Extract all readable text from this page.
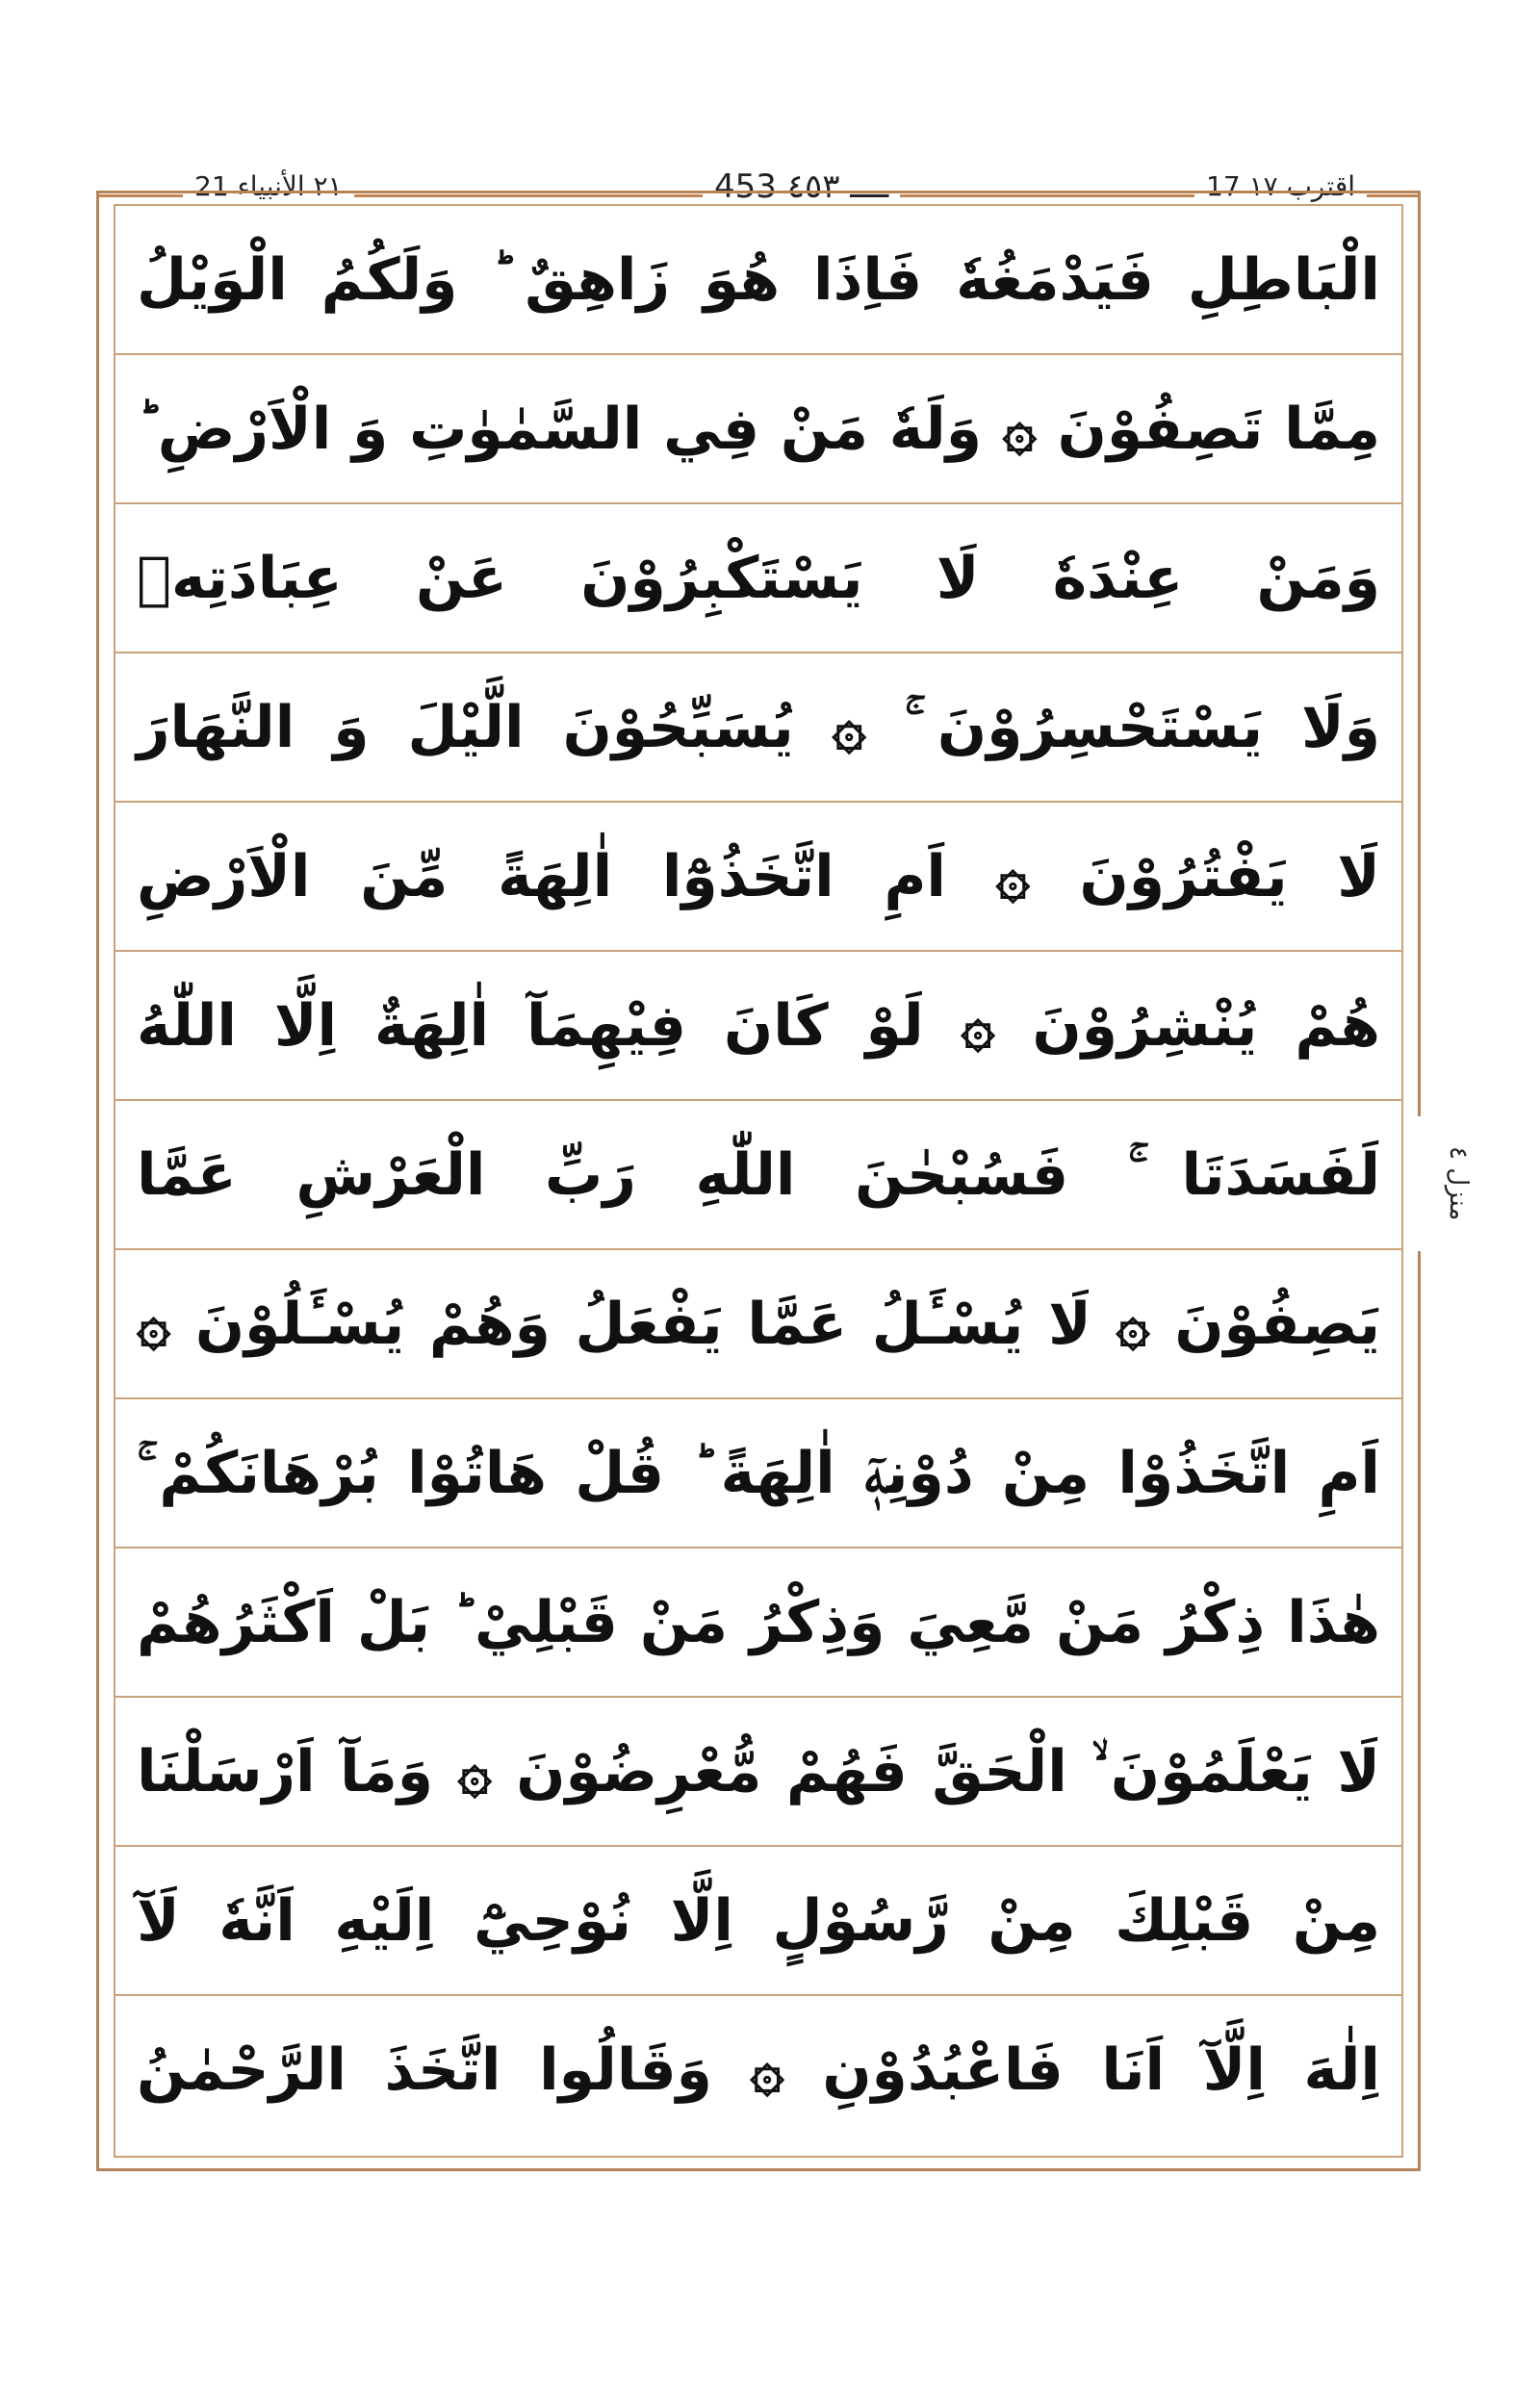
٢١ الأنبياء 21	453 ــــ ٤٥٣	اقترب ١٧ 17
منزل ٤
الْبَاطِلِ فَيَدْمَغُهٗ فَاِذَا هُوَ زَاهِقٌ ؕ وَلَكُمُ الْوَيْلُ
مِمَّا تَصِفُوْنَ ۞ وَلَهٗ مَنْ فِي السَّمٰوٰتِ وَ الْاَرْضِ ؕ
وَمَنْ عِنْدَهٗ لَا يَسْتَكْبِرُوْنَ عَنْ عِبَادَتِهٖ
وَلَا يَسْتَحْسِرُوْنَ ۚ ۞ يُسَبِّحُوْنَ الَّيْلَ وَ النَّهَارَ
لَا يَفْتُرُوْنَ ۞ اَمِ اتَّخَذُوْٓا اٰلِهَةً مِّنَ الْاَرْضِ
هُمْ يُنْشِرُوْنَ ۞ لَوْ كَانَ فِيْهِمَآ اٰلِهَةٌ اِلَّا اللّٰهُ
لَفَسَدَتَا ۚ فَسُبْحٰنَ اللّٰهِ رَبِّ الْعَرْشِ عَمَّا
يَصِفُوْنَ ۞ لَا يُسْـَٔلُ عَمَّا يَفْعَلُ وَهُمْ يُسْـَٔلُوْنَ ۞
اَمِ اتَّخَذُوْا مِنْ دُوْنِهٖٓ اٰلِهَةً ؕ قُلْ هَاتُوْا بُرْهَانَكُمْ ۚ
هٰذَا ذِكْرُ مَنْ مَّعِيَ وَذِكْرُ مَنْ قَبْلِيْ ؕ بَلْ اَكْثَرُهُمْ
لَا يَعْلَمُوْنَ ۙ الْحَقَّ فَهُمْ مُّعْرِضُوْنَ ۞ وَمَآ اَرْسَلْنَا
مِنْ قَبْلِكَ مِنْ رَّسُوْلٍ اِلَّا نُوْحِيْٓ اِلَيْهِ اَنَّهٗ لَآ
اِلٰهَ اِلَّآ اَنَا فَاعْبُدُوْنِ ۞ وَقَالُوا اتَّخَذَ الرَّحْمٰنُ
